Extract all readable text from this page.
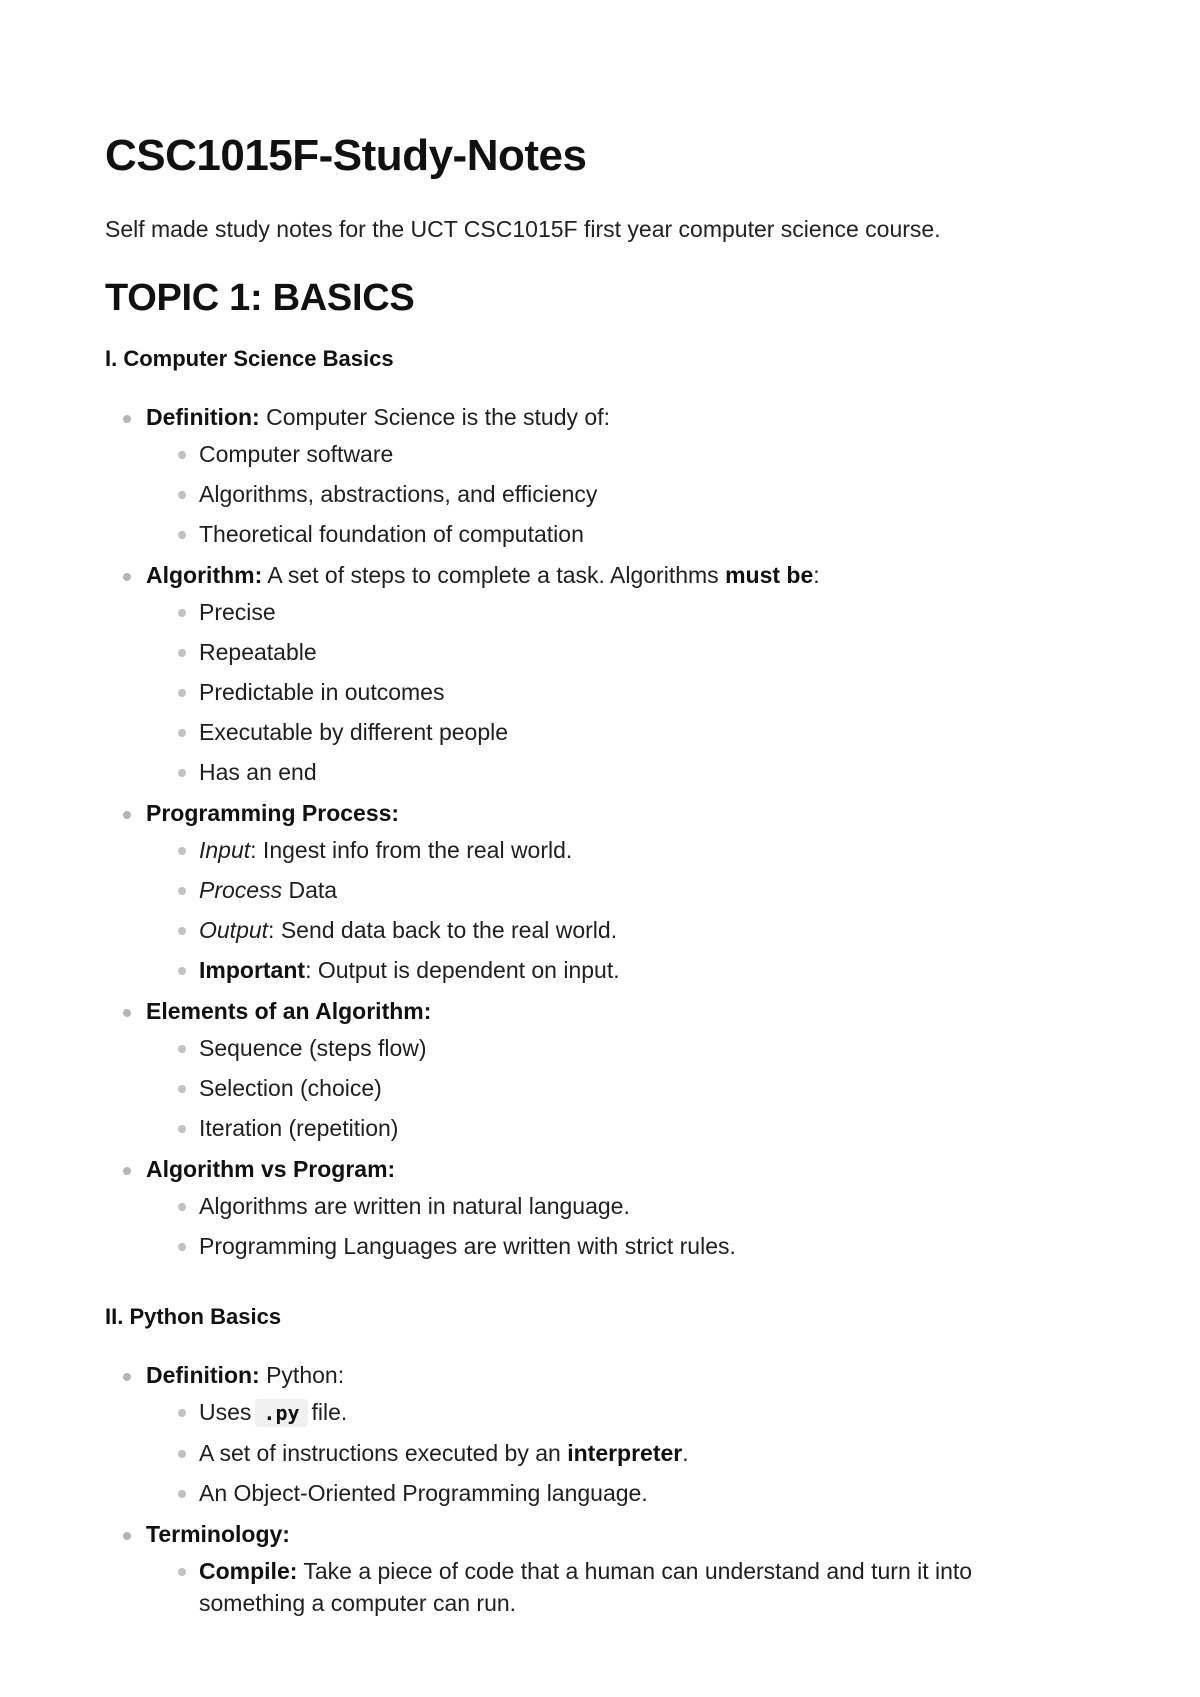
CSC1015F-Study-Notes

Self made study notes for the UCT CSC1015F first year computer science course.

TOPIC 1: BASICS
I. Computer Science Basics
Definition: Computer Science is the study of:
Computer software
Algorithms, abstractions, and efficiency
Theoretical foundation of computation
Algorithm: A set of steps to complete a task. Algorithms must be:
Precise
Repeatable
Predictable in outcomes
Executable by different people
Has an end
Programming Process:
Input: Ingest info from the real world.
Process Data
Output: Send data back to the real world.
Important: Output is dependent on input.
Elements of an Algorithm:
Sequence (steps flow)
Selection (choice)
Iteration (repetition)
Algorithm vs Program:
Algorithms are written in natural language.
Programming Languages are written with strict rules.
II. Python Basics
Definition: Python:
Uses .py file.
A set of instructions executed by an interpreter.
An Object-Oriented Programming language.
Terminology:
Compile: Take a piece of code that a human can understand and turn it into something a computer can run.
